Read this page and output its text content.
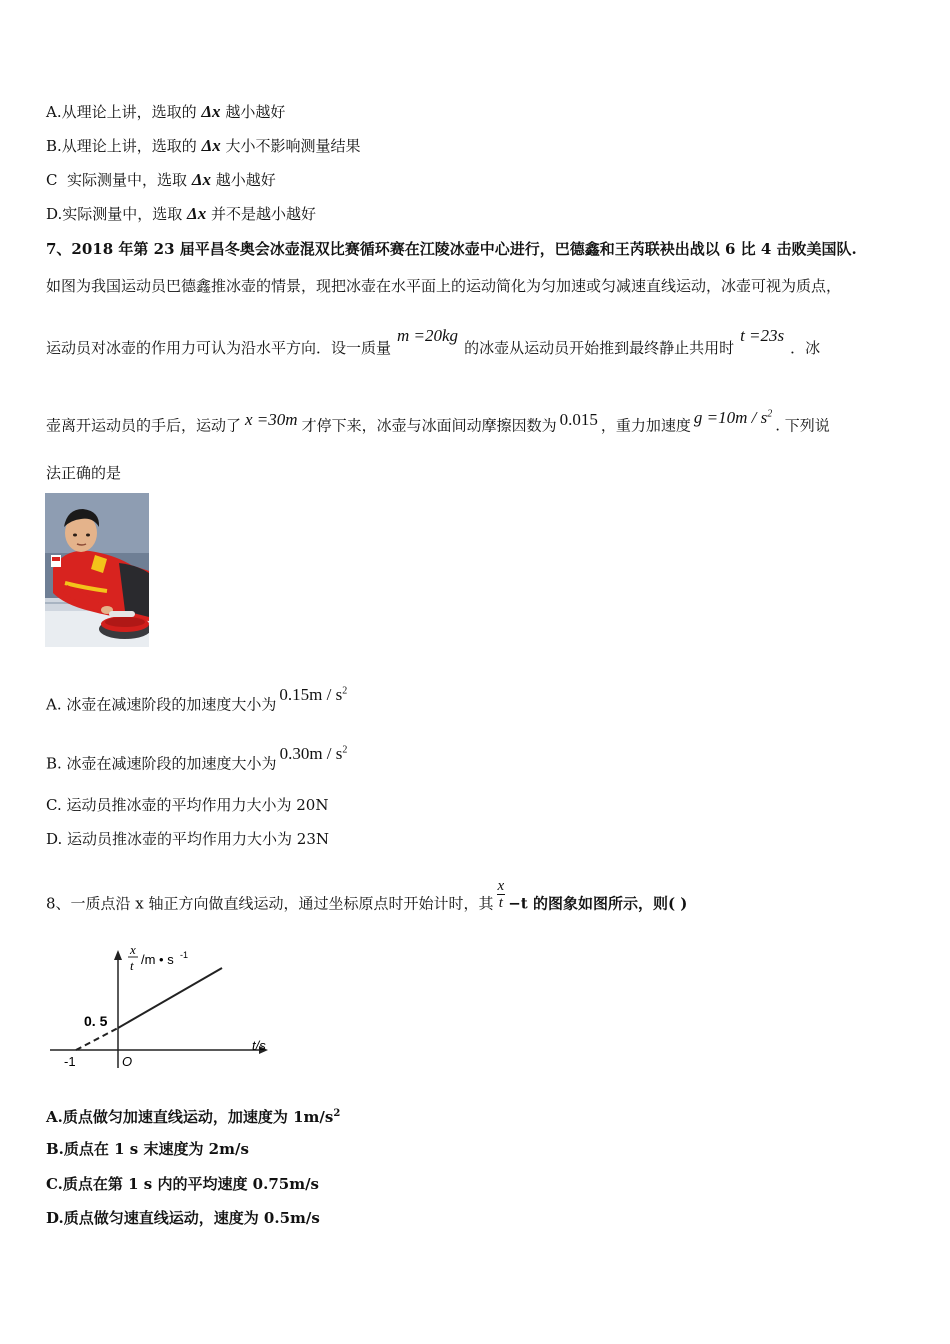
A.从理论上讲，选取的 Δx 越小越好
B.从理论上讲，选取的 Δx 大小不影响测量结果
C 实际测量中，选取 Δx 越小越好
D.实际测量中，选取 Δx 并不是越小越好
7、2018 年第 23 届平昌冬奥会冰壶混双比赛循环赛在江陵冰壶中心进行，巴德鑫和王芮联袂出战以 6 比 4 击败美国队.
如图为我国运动员巴德鑫推冰壶的情景，现把冰壶在水平面上的运动简化为匀加速或匀减速直线运动，冰壶可视为质点，
运动员对冰壶的作用力可认为沿水平方向．设一质量m =20kg的冰壶从运动员开始推到最终静止共用时t =23s．冰
壶离开运动员的手后，运动了 x =30m 才停下来，冰壶与冰面间动摩擦因数为 0.015 ，重力加速度 $g =10m / s^2$. 下列说
法正确的是
A. 冰壶在减速阶段的加速度大小为$0.15m / s^2$
B. 冰壶在减速阶段的加速度大小为$0.30m / s^2$
C. 运动员推冰壶的平均作用力大小为 20N
D. 运动员推冰壶的平均作用力大小为 23N
8、一质点沿 x 轴正方向做直线运动，通过坐标原点时开始计时，其 $\frac{x}{t} -t$ 的图象如图所示，则( )
x
t /m • s -1
0. 5
-1	O
t/s
A.质点做匀加速直线运动，加速度为 $1m/s^2$
B.质点在 1 s 末速度为 2m/s
C.质点在第 1 s 内的平均速度 0.75m/s
D.质点做匀速直线运动，速度为 0.5m/s
